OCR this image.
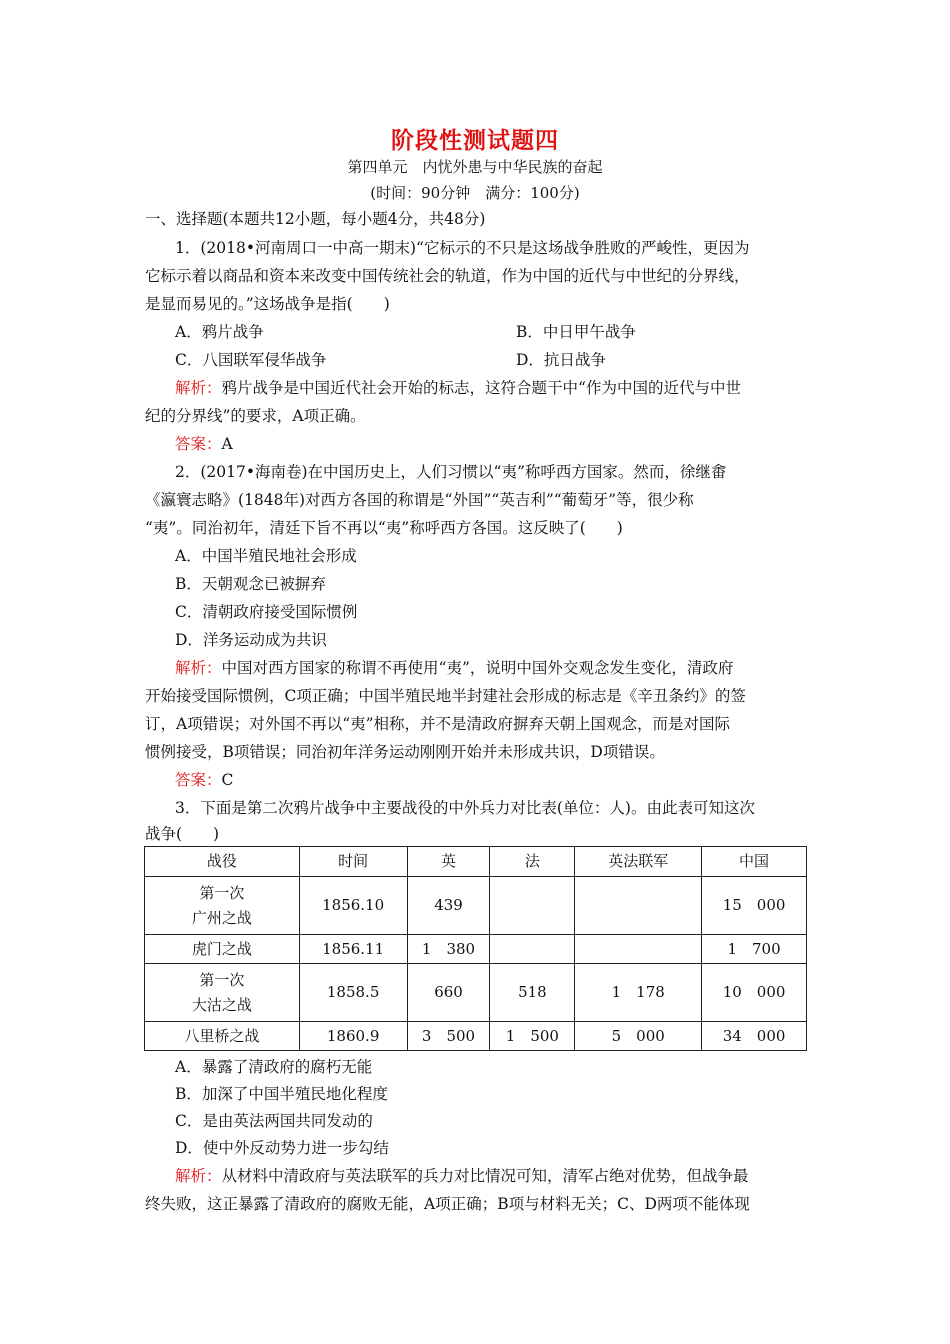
阶段性测试题四
第四单元　内忧外患与中华民族的奋起
(时间：90分钟　满分：100分)
一、选择题(本题共12小题，每小题4分，共48分)
1．(2018•河南周口一中高一期末)“它标示的不只是这场战争胜败的严峻性，更因为
它标示着以商品和资本来改变中国传统社会的轨道，作为中国的近代与中世纪的分界线，
是显而易见的。”这场战争是指(　　)
A．鸦片战争	B．中日甲午战争
C．八国联军侵华战争	D．抗日战争
解析：鸦片战争是中国近代社会开始的标志，这符合题干中“作为中国的近代与中世
纪的分界线”的要求，A项正确。
答案：A
2．(2017•海南卷)在中国历史上，人们习惯以“夷”称呼西方国家。然而，徐继畬
《瀛寰志略》(1848年)对西方各国的称谓是“外国”“英吉利”“葡萄牙”等，很少称
“夷”。同治初年，清廷下旨不再以“夷”称呼西方各国。这反映了(　　)
A．中国半殖民地社会形成
B．天朝观念已被摒弃
C．清朝政府接受国际惯例
D．洋务运动成为共识
解析：中国对西方国家的称谓不再使用“夷”，说明中国外交观念发生变化，清政府
开始接受国际惯例，C项正确；中国半殖民地半封建社会形成的标志是《辛丑条约》的签
订，A项错误；对外国不再以“夷”相称，并不是清政府摒弃天朝上国观念，而是对国际
惯例接受，B项错误；同治初年洋务运动刚刚开始并未形成共识，D项错误。
答案：C
3．下面是第二次鸦片战争中主要战役的中外兵力对比表(单位：人)。由此表可知这次
战争(　　)
战役	时间	英	法	英法联军	中国

第一次
广州之战	1856.10	439			15　000
虎门之战	1856.11	1　380			1　700

第一次
大沽之战	1858.5	660	518	1　178	10　000
八里桥之战	1860.9	3　500	1　500	5　000	34　000
A．暴露了清政府的腐朽无能
B．加深了中国半殖民地化程度
C．是由英法两国共同发动的
D．使中外反动势力进一步勾结
解析：从材料中清政府与英法联军的兵力对比情况可知，清军占绝对优势，但战争最
终失败，这正暴露了清政府的腐败无能，A项正确；B项与材料无关；C、D两项不能体现
